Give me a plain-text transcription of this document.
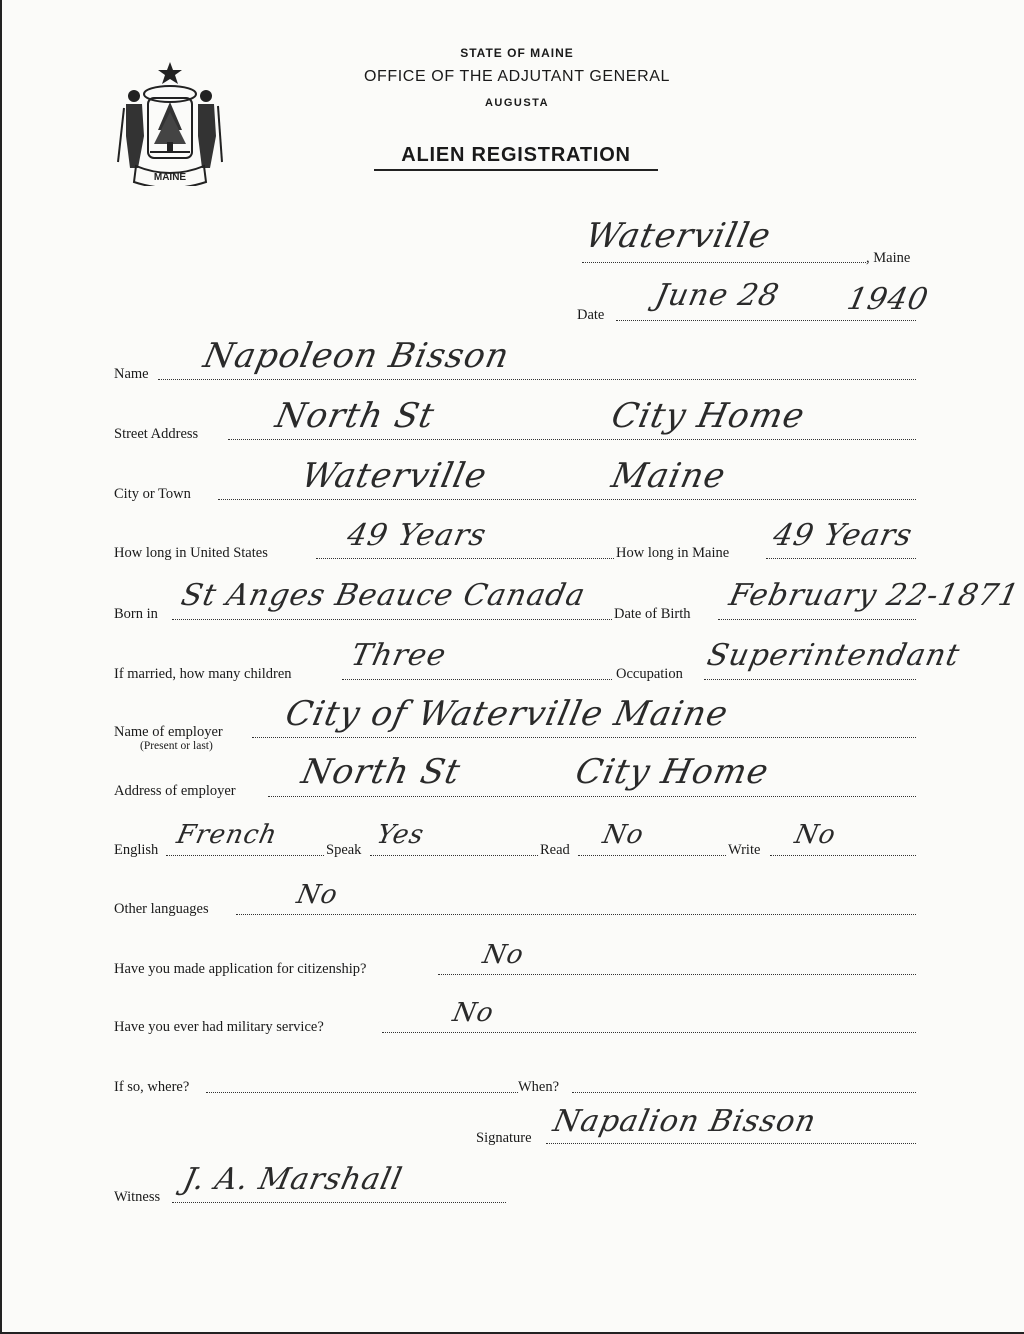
MAINE
STATE OF MAINE
OFFICE OF THE ADJUTANT GENERAL
AUGUSTA
ALIEN REGISTRATION
Waterville
, Maine
Date
June 28 1940
Name Napoleon Bisson
Street Address North St	City Home
City or Town	Waterville	Maine
How long in United States	49 Years	How long in Maine 49 Years
Born in
St Anges Beauce Canada
Date of Birth
February 22-1871
If married, how many children
Three
Occupation
Superintendant
Name of employer
(Present or last)
City of Waterville Maine
Address of employer North St	City Home
English French	Speak Yes	Read No	Write No
Other languages	No
Have you made application for citizenship?	No
Have you ever had military service?	No
If so, where?	When?
Signature Napalion Bisson
Witness J. A. Marshall
